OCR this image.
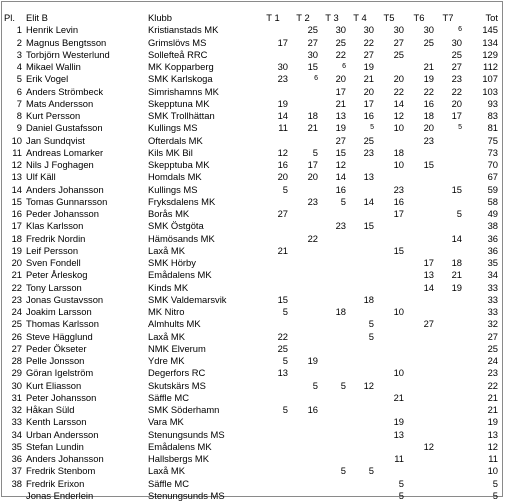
Pl.	Elit B	Klubb	T 1	T 2	T 3	T 4	T5	T6	T7	Tot
1	Henrik Levin	Kristianstads MK		25	30	30	30	30	6	145
2	Magnus Bengtsson	Grimslövs MS	17	27	25	22	27	25	30	134
3	Torbjörn Westerlund	Sollefteå RRC		30	22	27	25		25	129
4	Mikael Wallin	MK Kopparberg	30	15	6	19		21	27	112
5	Erik Vogel	SMK Karlskoga	23	6	20	21	20	19	23	107
6	Anders Strömbeck	Simrishamns MK			17	20	22	22	22	103
7	Mats Andersson	Skepptuna MK	19		21	17	14	16	20	93
8	Kurt Persson	SMK Trollhättan	14	18	13	16	12	18	17	83
9	Daniel Gustafsson	Kullings MS	11	21	19	5	10	20	5	81
10	Jan Sundqvist	Ofterdals MK			27	25		23		75
11	Andreas Lomarker	Kils MK Bil	12	5	15	23	18			73
12	Nils J Foghagen	Skepptuba MK	16	17	12		10	15		70
13	Ulf Käll	Homdals MK	20	20	14	13				67
14	Anders Johansson	Kullings MS	5		16		23		15	59
15	Tomas Gunnarsson	Fryksdalens MK		23	5	14	16			58
16	Peder Johansson	Borås MK	27				17		5	49
17	Klas Karlsson	SMK Östgöta			23	15				38
18	Fredrik Nordin	Hämösands MK		22					14	36
19	Leif Persson	Laxå MK	21				15			36
20	Sven Fondell	SMK Hörby						17	18	35
21	Peter Årleskog	Emådalens MK						13	21	34
22	Tony Larsson	Kinds MK						14	19	33
23	Jonas Gustavsson	SMK Valdemarsvik	15			18				33
24	Joakim Larsson	MK Nitro	5		18		10			33
25	Thomas Karlsson	Almhults MK				5		27		32
26	Steve Hägglund	Laxå MK	22			5				27
27	Peder Ökseter	NMK Elverum	25							25
28	Pelle Jonsson	Ydre MK	5	19						24
29	Göran Igelström	Degerfors RC	13				10			23
30	Kurt Eliasson	Skutskärs MS		5	5	12				22
31	Peter Johansson	Säffle MC					21			21
32	Håkan Süld	SMK Söderhamn	5	16						21
33	Kenth Larsson	Vara MK					19			19
34	Urban Andersson	Stenungsunds MS					13			13
35	Stefan Lundin	Emådalens MK						12		12
36	Anders Johansson	Hallsbergs MK					11			11
37	Fredrik Stenbom	Laxå MK			5	5				10
38	Fredrik Erixon	Säffle MC					5			5
	Jonas Enderlein	Stenungsunds MS					5			5
